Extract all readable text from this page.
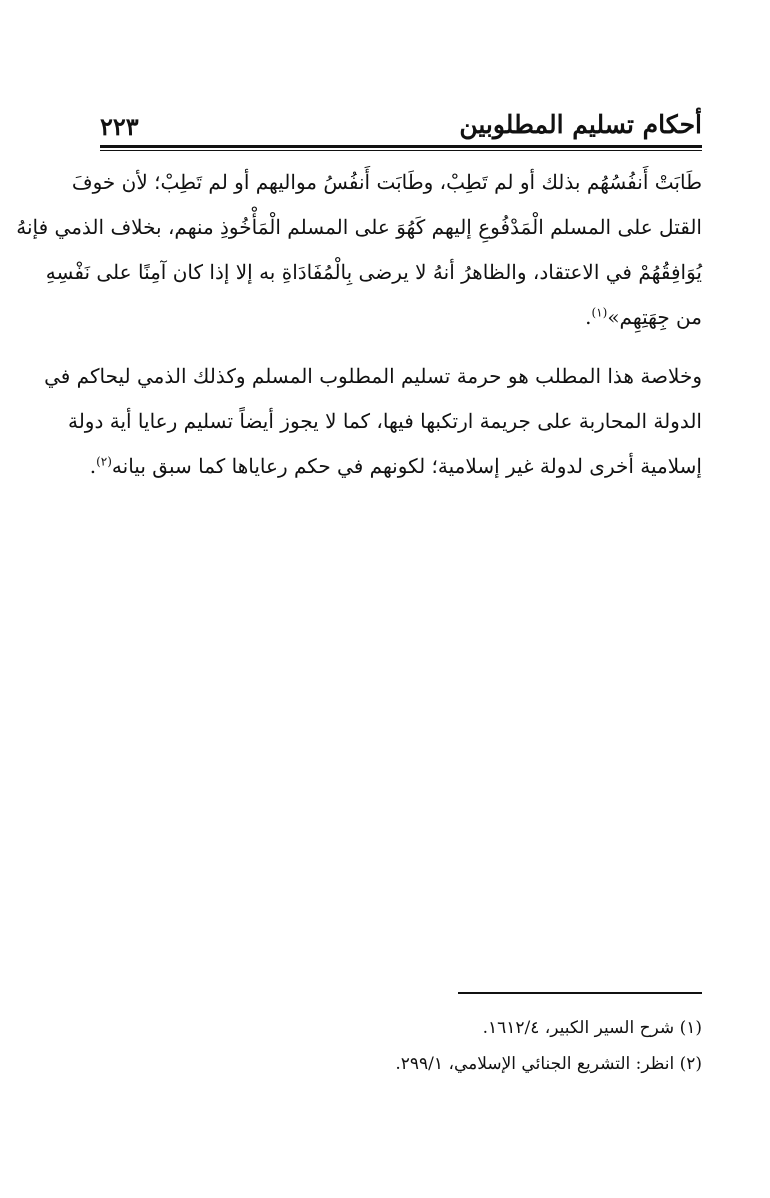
أحكام تسليم المطلوبين
٢٢٣
طَابَتْ أَنفُسُهُم بذلك أو لم تَطِبْ، وطَابَت أَنفُسُ مواليهم أو لم تَطِبْ؛ لأن خوفَ
القتل على المسلم الْمَدْفُوعِ إليهم كَهُوَ على المسلم الْمَأْخُوذِ منهم، بخلاف الذمي فإنهُ
يُوَافِقُهُمْ في الاعتقاد، والظاهرُ أنهُ لا يرضى بِالْمُفَادَاةِ به إلا إذا كان آمِنًا على نَفْسِهِ
من جِهَتِهِم»$^{(١)}$.
وخلاصة هذا المطلب هو حرمة تسليم المطلوب المسلم وكذلك الذمي ليحاكم في
الدولة المحاربة على جريمة ارتكبها فيها، كما لا يجوز أيضاً تسليم رعايا أية دولة
إسلامية أخرى لدولة غير إسلامية؛ لكونهم في حكم رعاياها كما سبق بيانه$^{(٢)}$.
(١) شرح السير الكبير، ١٦١٢/٤.
(٢) انظر: التشريع الجنائي الإسلامي، ٢٩٩/١.
